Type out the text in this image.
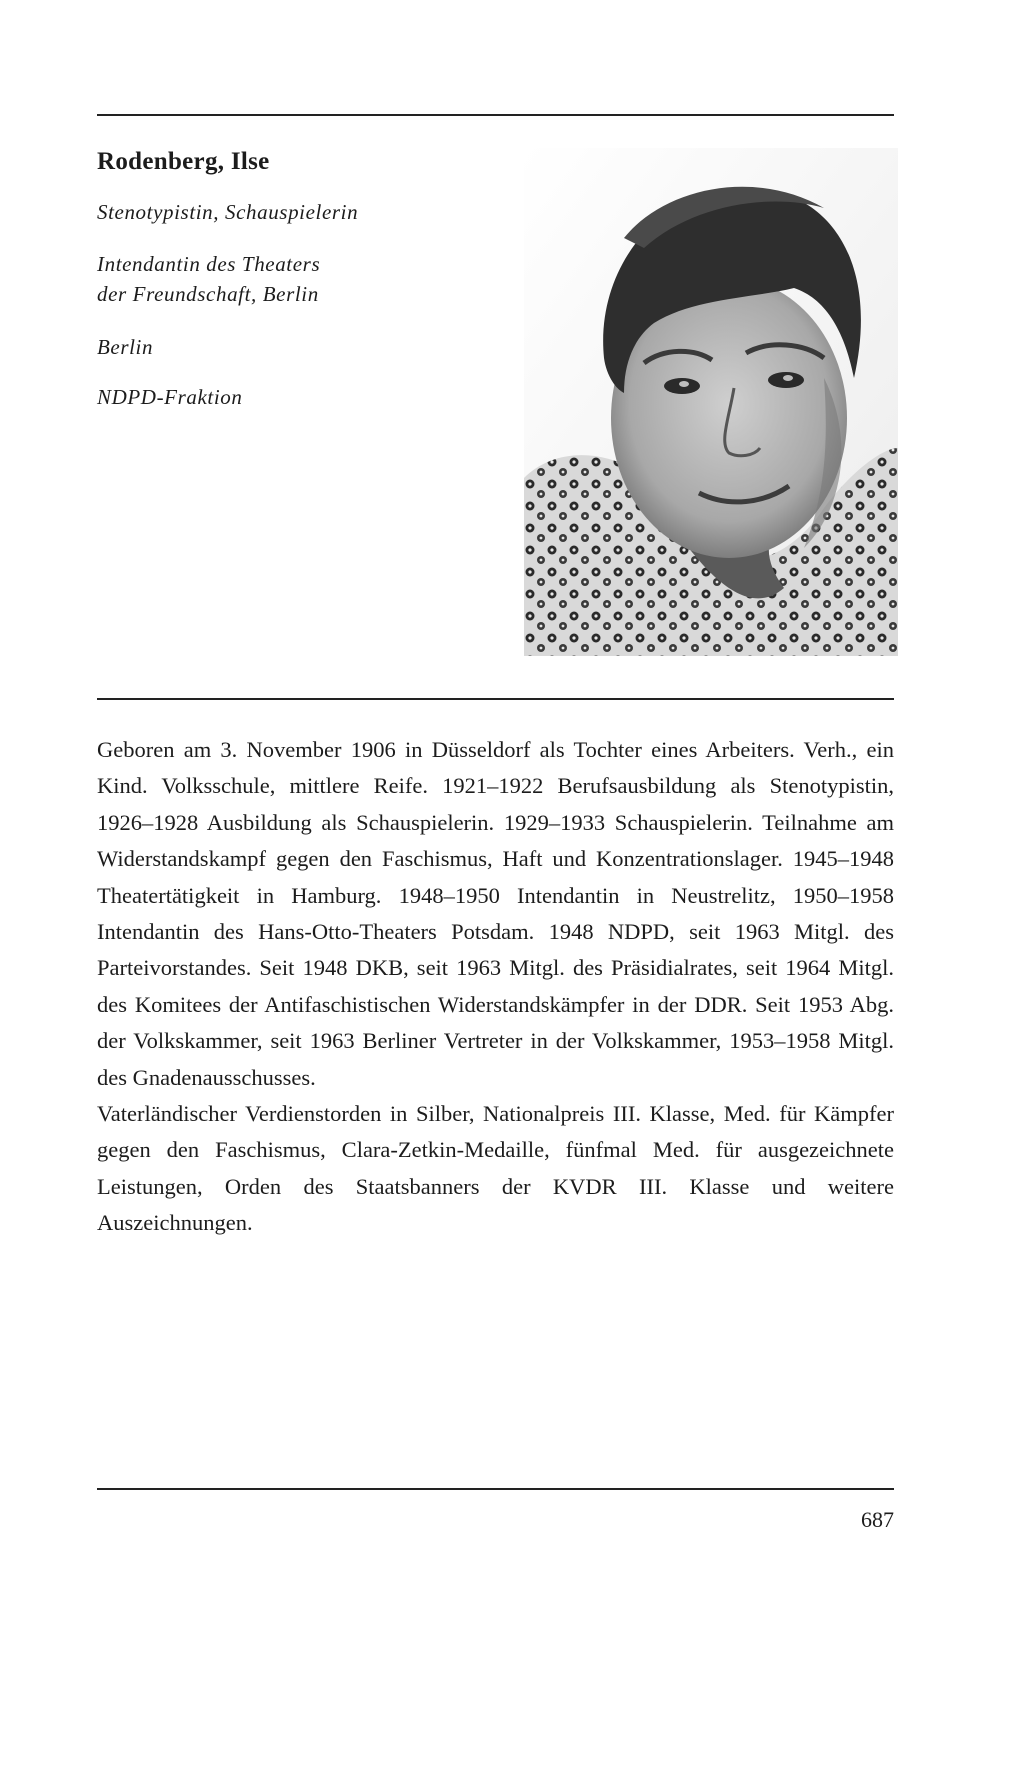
Rodenberg, Ilse
Stenotypistin, Schauspielerin
Intendantin des Theaters
der Freundschaft, Berlin
Berlin
NDPD-Fraktion

Geboren am 3. November 1906 in Düsseldorf als Tochter eines Arbeiters. Verh., ein Kind. Volksschule, mittlere Reife. 1921–1922 Berufsausbildung als Stenotypistin, 1926–1928 Ausbildung als Schauspielerin. 1929–1933 Schauspielerin. Teilnahme am Widerstandskampf gegen den Faschismus, Haft und Konzentrationslager. 1945–1948 Theatertätigkeit in Hamburg. 1948–1950 Intendantin in Neustrelitz, 1950–1958 Intendantin des Hans-Otto-Theaters Potsdam. 1948 NDPD, seit 1963 Mitgl. des Parteivorstandes. Seit 1948 DKB, seit 1963 Mitgl. des Präsidialrates, seit 1964 Mitgl. des Komitees der Antifaschistischen Widerstandskämpfer in der DDR. Seit 1953 Abg. der Volkskammer, seit 1963 Berliner Vertreter in der Volkskammer, 1953–1958 Mitgl. des Gnadenausschusses.

Vaterländischer Verdienstorden in Silber, Nationalpreis III. Klasse, Med. für Kämpfer gegen den Faschismus, Clara-Zetkin-Medaille, fünfmal Med. für ausgezeichnete Leistungen, Orden des Staatsbanners der KVDR III. Klasse und weitere Auszeichnungen.

687
